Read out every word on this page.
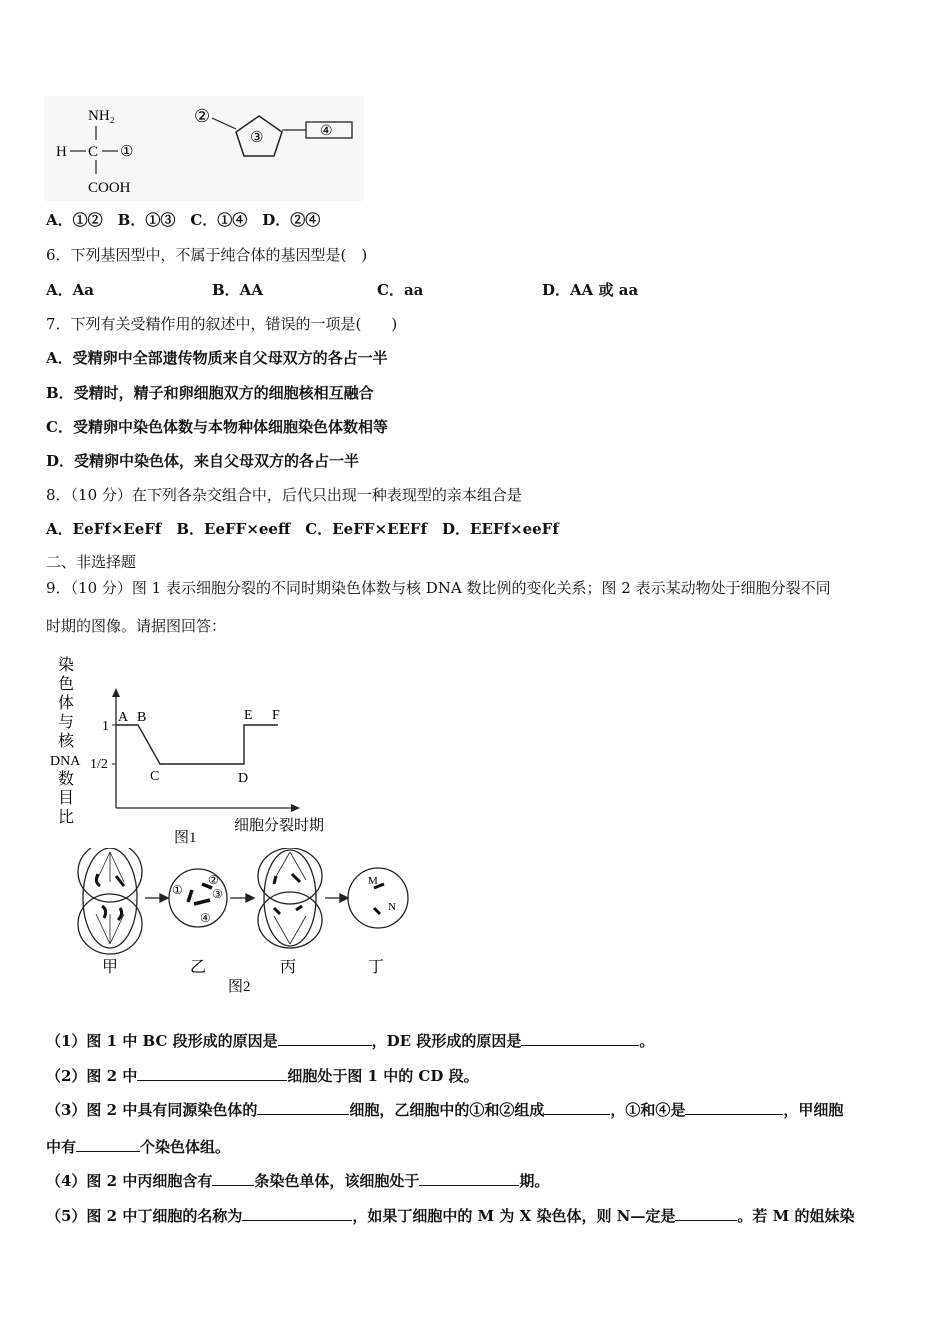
NH₂
H C ①
COOH
②
③	④
A．①②　B．①③　C．①④　D．②④
6．下列基因型中，不属于纯合体的基因型是(　)
A．Aa	B．AA	C．aa	D．AA 或 aa
7．下列有关受精作用的叙述中，错误的一项是(　　)
A．受精卵中全部遗传物质来自父母双方的各占一半
B．受精时，精子和卵细胞双方的细胞核相互融合
C．受精卵中染色体数与本物种体细胞染色体数相等
D．受精卵中染色体，来自父母双方的各占一半
8．（10 分）在下列各杂交组合中，后代只出现一种表现型的亲本组合是
A．EeFf×EeFf　B．EeFF×eeff　C．EeFF×EEFf　D．EEFf×eeFf
二、非选择题
9．（10 分）图 1 表示细胞分裂的不同时期染色体数与核 DNA 数比例的变化关系；图 2 表示某动物处于细胞分裂不同
时期的图像。请据图回答：
染
色
体
与
核
DNA
数
目
比
1
1/2
A B
C	D
E F
细胞分裂时期
图1
①
②
③
④
M
N
甲	乙	丙	丁
图2
（1）图 1 中 BC 段形成的原因是	，DE 段形成的原因是	。
（2）图 2 中	细胞处于图 1 中的 CD 段。
（3）图 2 中具有同源染色体的	细胞，乙细胞中的①和②组成	，①和④是	，甲细胞
中有	个染色体组。
（4）图 2 中丙细胞含有	条染色单体，该细胞处于	期。
（5）图 2 中丁细胞的名称为	，如果丁细胞中的 M 为 X 染色体，则 N—定是	。若 M 的姐妹染
